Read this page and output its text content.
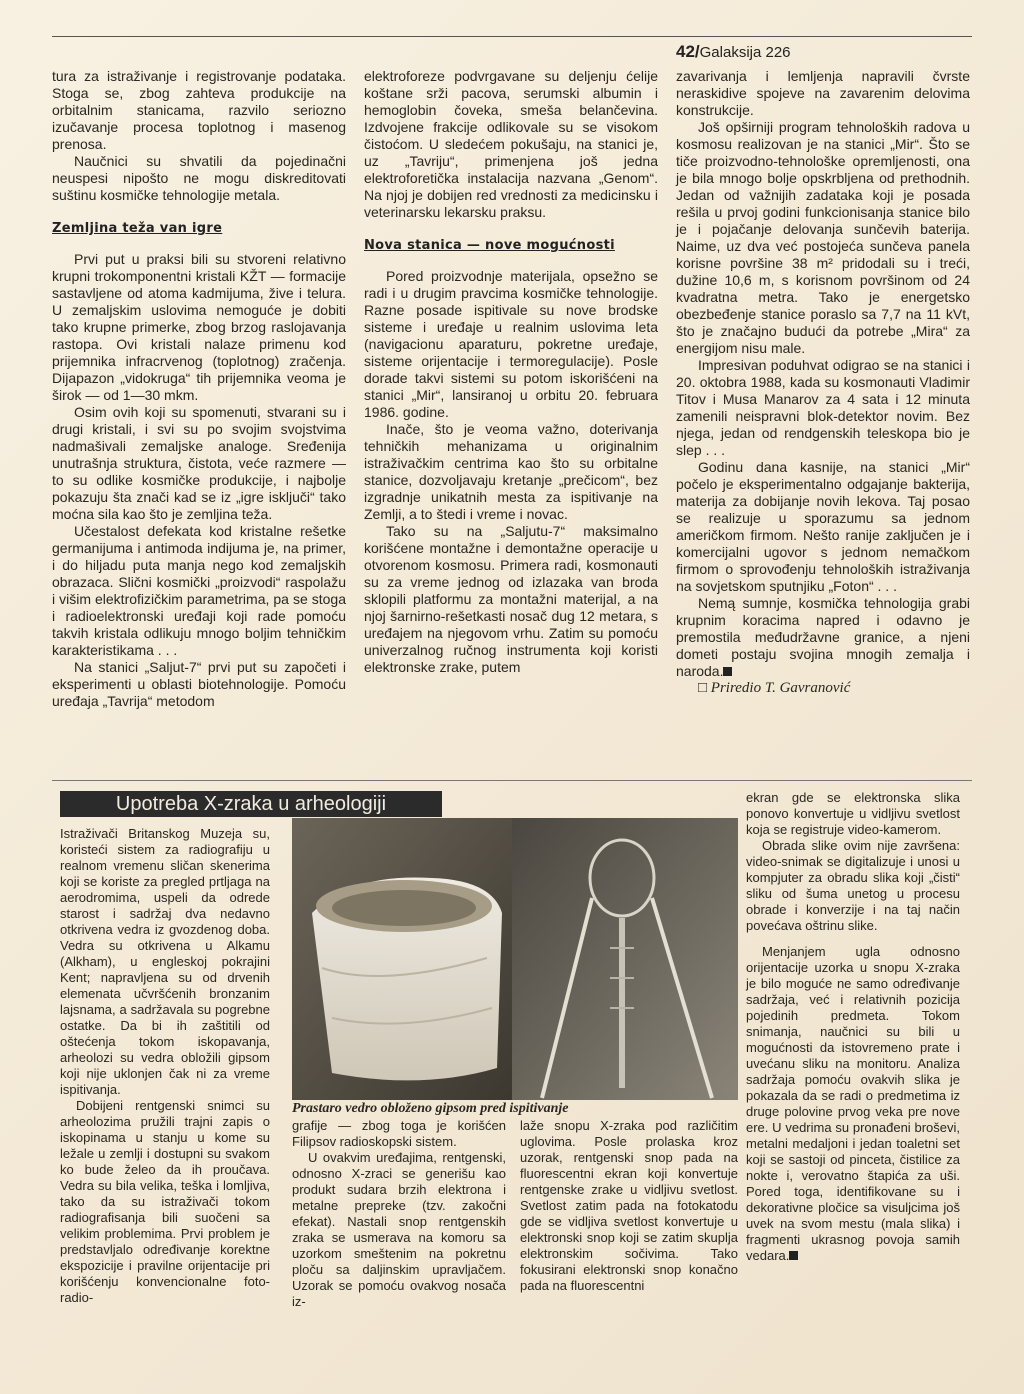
42/Galaksija 226

tura za istraživanje i registrovanje podataka. Stoga se, zbog zahteva produkcije na orbitalnim stanicama, razvilo seriozno izučavanje procesa toplotnog i masenog prenosa.

Naučnici su shvatili da pojedinačni neuspesi nipošto ne mogu diskreditovati suštinu kosmičke tehnologije metala.

Zemljina teža van igre

Prvi put u praksi bili su stvoreni relativno krupni trokomponentni kristali KŽT — formacije sastavljene od atoma kadmijuma, žive i telura. U zemaljskim uslovima nemoguće je dobiti tako krupne primerke, zbog brzog raslojavanja rastopa. Ovi kristali nalaze primenu kod prijemnika infracrvenog (toplotnog) zračenja. Dijapazon „vidokruga“ tih prijemnika veoma je širok — od 1—30 mkm.

Osim ovih koji su spomenuti, stvarani su i drugi kristali, i svi su po svojim svojstvima nadmašivali zemaljske analoge. Sređenija unutrašnja struktura, čistota, veće razmere — to su odlike kosmičke produkcije, i najbolje pokazuju šta znači kad se iz „igre isključi“ tako moćna sila kao što je zemljina teža.

Učestalost defekata kod kristalne rešetke germanijuma i antimoda indijuma je, na primer, i do hiljadu puta manja nego kod zemaljskih obrazaca. Slični kosmički „proizvodi“ raspolažu i višim elektrofizičkim parametrima, pa se stoga i radioelektronski uređaji koji rade pomoću takvih kristala odlikuju mnogo boljim tehničkim karakteristikama . . .

Na stanici „Saljut-7“ prvi put su započeti i eksperimenti u oblasti biotehnologije. Pomoću uređaja „Tavrija“ metodom

elektroforeze podvrgavane su deljenju ćelije koštane srži pacova, serumski albumin i hemoglobin čoveka, smeša belančevina. Izdvojene frakcije odlikovale su se visokom čistoćom. U sledećem pokušaju, na stanici je, uz „Tavriju“, primenjena još jedna elektroforetička instalacija nazvana „Genom“. Na njoj je dobijen red vrednosti za medicinsku i veterinarsku lekarsku praksu.

Nova stanica — nove mogućnosti

Pored proizvodnje materijala, opsežno se radi i u drugim pravcima kosmičke tehnologije. Razne posade ispitivale su nove brodske sisteme i uređaje u realnim uslovima leta (navigacionu aparaturu, pokretne uređaje, sisteme orijentacije i termoregulacije). Posle dorade takvi sistemi su potom iskorišćeni na stanici „Mir“, lansiranoj u orbitu 20. februara 1986. godine.

Inače, što je veoma važno, doterivanja tehničkih mehanizama u originalnim istraživačkim centrima kao što su orbitalne stanice, dozvoljavaju kretanje „prečicom“, bez izgradnje unikatnih mesta za ispitivanje na Zemlji, a to štedi i vreme i novac.

Tako su na „Saljutu-7“ maksimalno korišćene montažne i demontažne operacije u otvorenom kosmosu. Primera radi, kosmonauti su za vreme jednog od izlazaka van broda sklopili platformu za montažni materijal, a na njoj šarnirno-rešetkasti nosač dug 12 metara, s uređajem na njegovom vrhu. Zatim su pomoću univerzalnog ručnog instrumenta koji koristi elektronske zrake, putem

zavarivanja i lemljenja napravili čvrste neraskidive spojeve na zavarenim delovima konstrukcije.

Još opširniji program tehnoloških radova u kosmosu realizovan je na stanici „Mir“. Što se tiče proizvodno-tehnološke opremljenosti, ona je bila mnogo bolje opskrbljena od prethodnih. Jedan od važnijih zadataka koji je posada rešila u prvoj godini funkcionisanja stanice bilo je i pojačanje delovanja sunčevih baterija. Naime, uz dva već postojeća sunčeva panela korisne površine 38 m² pridodali su i treći, dužine 10,6 m, s korisnom površinom od 24 kvadratna metra. Tako je energetsko obezbeđenje stanice poraslo sa 7,7 na 11 kVt, što je značajno budući da potrebe „Mira“ za energijom nisu male.

Impresivan poduhvat odigrao se na stanici i 20. oktobra 1988, kada su kosmonauti Vladimir Titov i Musa Manarov za 4 sata i 12 minuta zamenili neispravni blok-detektor novim. Bez njega, jedan od rendgenskih teleskopa bio je slep . . .

Godinu dana kasnije, na stanici „Mir“ počelo je eksperimentalno odgajanje bakterija, materija za dobijanje novih lekova. Taj posao se realizuje u sporazumu sa jednom američkom firmom. Nešto ranije zaključen je i komercijalni ugovor s jednom nemačkom firmom o sprovođenju tehnoloških istraživanja na sovjetskom sputnjiku „Foton“ . . .

Nemą sumnje, kosmička tehnologija grabi krupnim koracima napred i odavno je premostila međudržavne granice, a njeni dometi postaju svojina mnogih zemalja i naroda.

□ Priredio T. Gavranović

Upotreba X-zraka u arheologiji

Istraživači Britanskog Muzeja su, koristeći sistem za radiografiju u realnom vremenu sličan skenerima koji se koriste za pregled prtljaga na aerodromima, uspeli da odrede starost i sadržaj dva nedavno otkrivena vedra iz gvozdenog doba. Vedra su otkrivena u Alkamu (Alkham), u engleskoj pokrajini Kent; napravljena su od drvenih elemenata učvršćenih bronzanim lajsnama, a sadržavala su pogrebne ostatke. Da bi ih zaštitili od oštećenja tokom iskopavanja, arheolozi su vedra obložili gipsom koji nije uklonjen čak ni za vreme ispitivanja.

Dobijeni rentgenski snimci su arheolozima pružili trajni zapis o iskopinama u stanju u kome su ležale u zemlji i dostupni su svakom ko bude želeo da ih proučava. Vedra su bila velika, teška i lomljiva, tako da su istraživači tokom radiografisanja bili suočeni sa velikim problemima. Prvi problem je predstavljalo određivanje korektne ekspozicije i pravilne orijentacije pri korišćenju konvencionalne foto-radio-

Prastaro vedro obloženo gipsom pred ispitivanje

grafije — zbog toga je korišćen Filipsov radioskopski sistem.

U ovakvim uređajima, rentgenski, odnosno X-zraci se generišu kao produkt sudara brzih elektrona i metalne prepreke (tzv. zakočni efekat). Nastali snop rentgenskih zraka se usmerava na komoru sa uzorkom smeštenim na pokretnu ploču sa daljinskim upravljačem. Uzorak se pomoću ovakvog nosača iz-

laže snopu X-zraka pod različitim uglovima. Posle prolaska kroz uzorak, rentgenski snop pada na fluorescentni ekran koji konvertuje rentgenske zrake u vidljivu svetlost. Svetlost zatim pada na fotokatodu gde se vidljiva svetlost konvertuje u elektronski snop koji se zatim skuplja elektronskim sočivima. Tako fokusirani elektronski snop konačno pada na fluorescentni

ekran gde se elektronska slika ponovo konvertuje u vidljivu svetlost koja se registruje video-kamerom.

Obrada slike ovim nije završena: video-snimak se digitalizuje i unosi u kompjuter za obradu slika koji „čisti“ sliku od šuma unetog u procesu obrade i konverzije i na taj način povećava oštrinu slike.

Menjanjem ugla odnosno orijentacije uzorka u snopu X-zraka je bilo moguće ne samo određivanje sadržaja, već i relativnih pozicija pojedinih predmeta. Tokom snimanja, naučnici su bili u mogućnosti da istovremeno prate i uvećanu sliku na monitoru. Analiza sadržaja pomoću ovakvih slika je pokazala da se radi o predmetima iz druge polovine prvog veka pre nove ere. U vedrima su pronađeni broševi, metalni medaljoni i jedan toaletni set koji se sastoji od pinceta, čistilice za nokte i, verovatno štapića za uši. Pored toga, identifikovane su i dekorativne pločice sa visuljcima još uvek na svom mestu (mala slika) i fragmenti ukrasnog povoja samih vedara.
